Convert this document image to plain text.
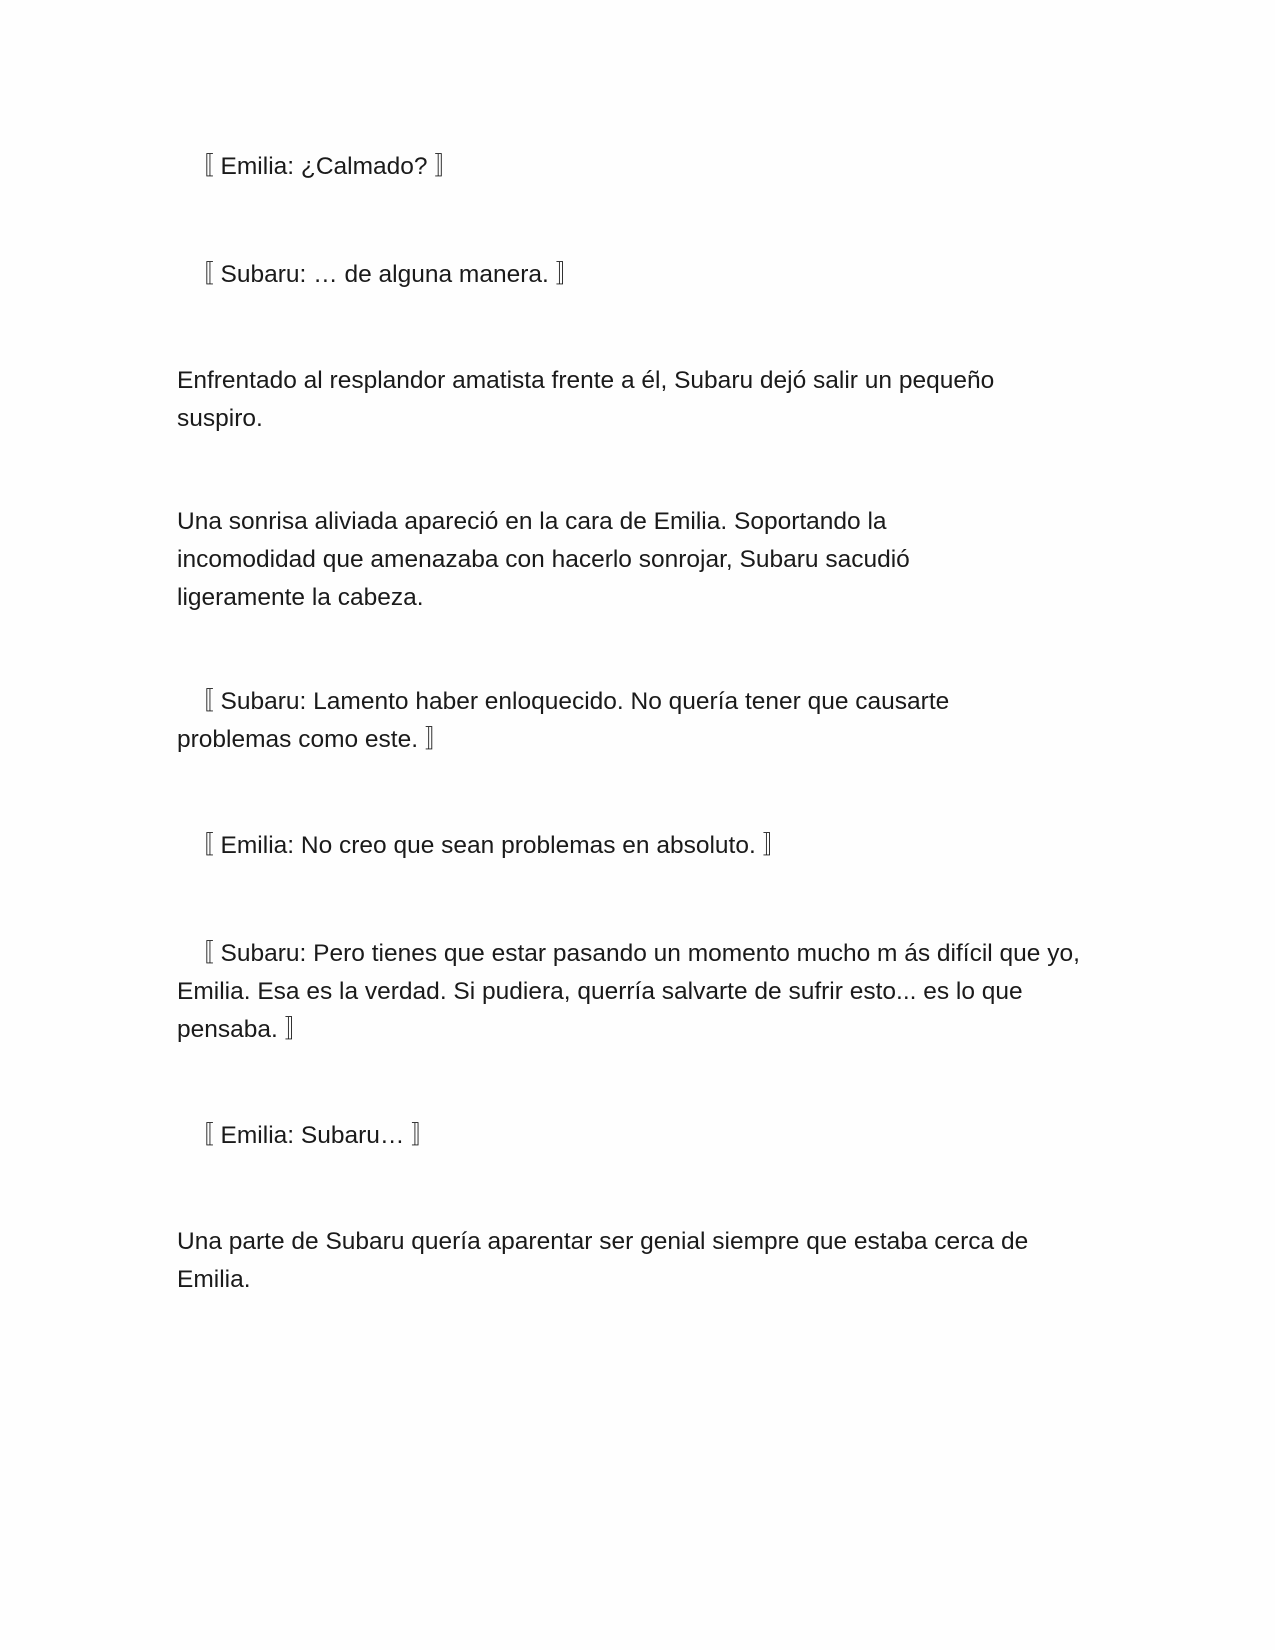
　〚 Emilia: ¿Calmado? 〛

　〚 Subaru: … de alguna manera. 〛

Enfrentado al resplandor amatista frente a él, Subaru dejó salir un pequeño suspiro.

Una sonrisa aliviada apareció en la cara de Emilia. Soportando la incomodidad que amenazaba con hacerlo sonrojar, Subaru sacudió ligeramente la cabeza.

　〚 Subaru: Lamento haber enloquecido. No quería tener que causarte problemas como este. 〛

　〚 Emilia: No creo que sean problemas en absoluto. 〛

　〚 Subaru: Pero tienes que estar pasando un momento mucho m ás difícil que yo, Emilia. Esa es la verdad. Si pudiera, querría salvarte de sufrir esto... es lo que pensaba. 〛

　〚 Emilia: Subaru… 〛

Una parte de Subaru quería aparentar ser genial siempre que estaba cerca de Emilia.
